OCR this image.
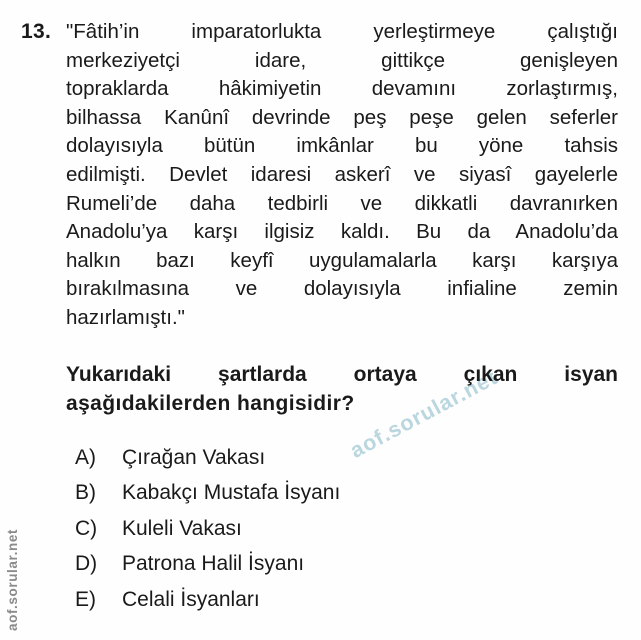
13. "Fâtih’in imparatorlukta yerleştirmeye çalıştığı
merkeziyetçi idare, gittikçe genişleyen
topraklarda hâkimiyetin devamını zorlaştırmış,
bilhassa Kanûnî devrinde peş peşe gelen seferler
dolayısıyla bütün imkânlar bu yöne tahsis
edilmişti. Devlet idaresi askerî ve siyasî gayelerle
Rumeli’de daha tedbirli ve dikkatli davranırken
Anadolu’ya karşı ilgisiz kaldı. Bu da Anadolu’da
halkın bazı keyfî uygulamalarla karşı karşıya
bırakılmasına ve dolayısıyla infialine zemin
hazırlamıştı."
Yukarıdaki şartlarda ortaya çıkan isyan
aşağıdakilerden hangisidir?
A)	Çırağan Vakası
B)	Kabakçı Mustafa İsyanı
C)	Kuleli Vakası
D)	Patrona Halil İsyanı
E)	Celali İsyanları
aof.sorular.net
aof.sorular.net
